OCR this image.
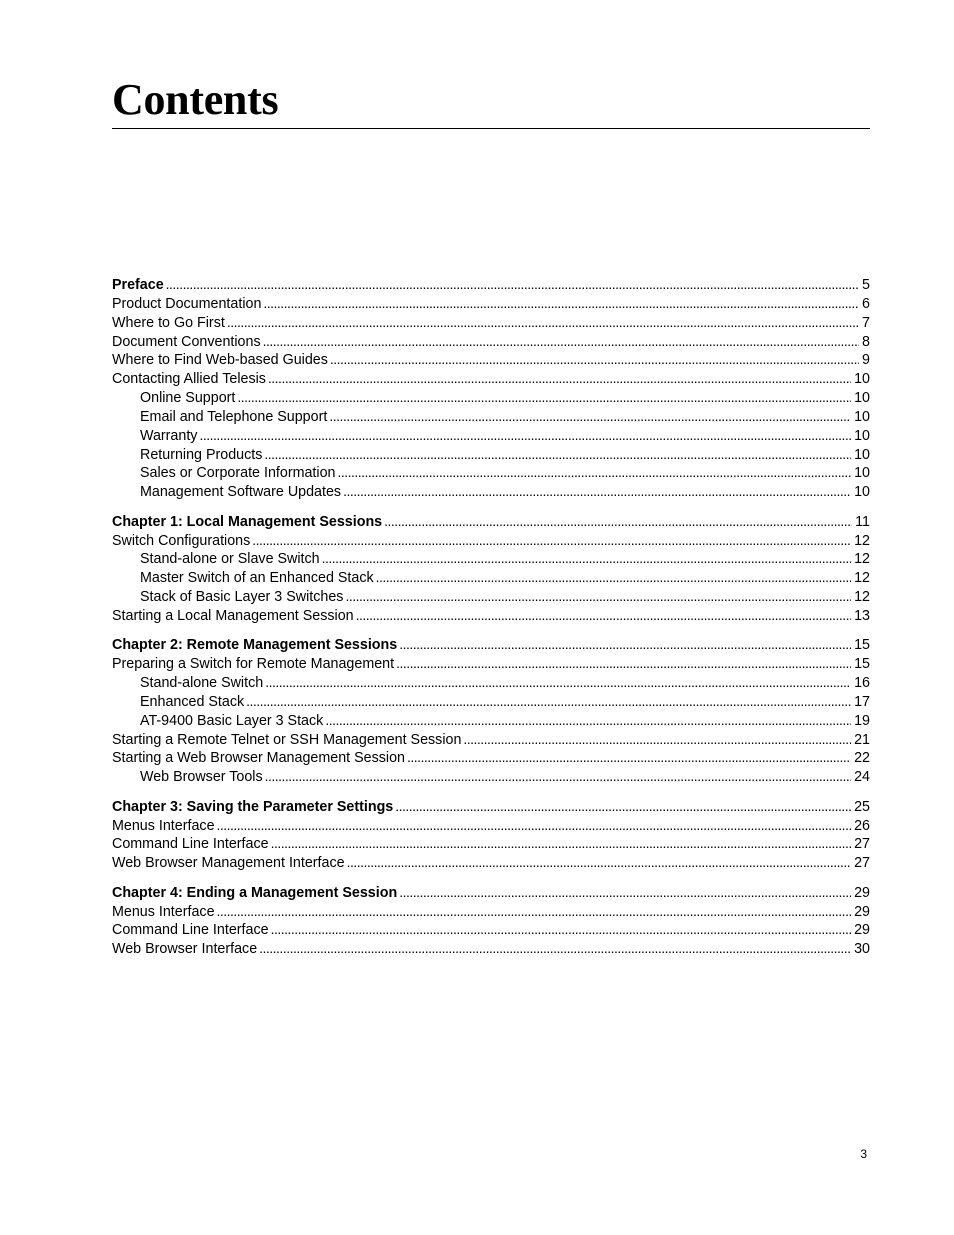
Contents
Preface . . .	5
Product Documentation . . .	6
Where to Go First . . .	7
Document Conventions . . .	8
Where to Find Web-based Guides . . .	9
Contacting Allied Telesis . . .	10
Online Support . . .	10
Email and Telephone Support . . .	10
Warranty . . .	10
Returning Products . . .	10
Sales or Corporate Information . . .	10
Management Software Updates . . .	10
Chapter 1: Local Management Sessions . . .	11
Switch Configurations . . .	12
Stand-alone or Slave Switch . . .	12
Master Switch of an Enhanced Stack . . .	12
Stack of Basic Layer 3 Switches . . .	12
Starting a Local Management Session . . .	13
Chapter 2: Remote Management Sessions . . .	15
Preparing a Switch for Remote Management . . .	15
Stand-alone Switch . . .	16
Enhanced Stack . . .	17
AT-9400 Basic Layer 3 Stack . . .	19
Starting a Remote Telnet or SSH Management Session . . .	21
Starting a Web Browser Management Session . . .	22
Web Browser Tools . . .	24
Chapter 3: Saving the Parameter Settings . . .	25
Menus Interface . . .	26
Command Line Interface . . .	27
Web Browser Management Interface . . .	27
Chapter 4: Ending a Management Session . . .	29
Menus Interface . . .	29
Command Line Interface . . .	29
Web Browser Interface . . .	30
3
